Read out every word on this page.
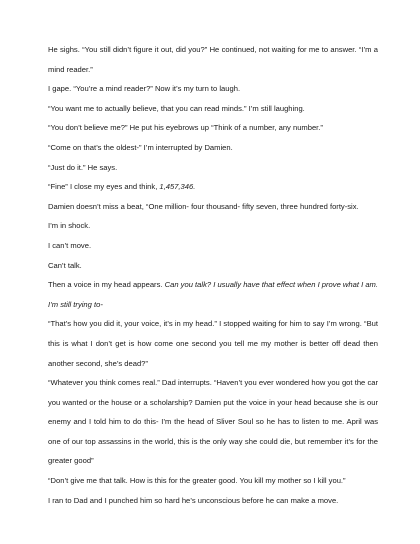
He sighs. “You still didn’t figure it out, did you?” He continued, not waiting for me to answer. “I’m a mind reader.”

I gape. “You’re a mind reader?” Now it’s my turn to laugh.

“You want me to actually believe, that you can read minds.” I’m still laughing.

“You don’t believe me?” He put his eyebrows up “Think of a number, any number.”

“Come on that’s the oldest-” I’m interrupted by Damien.

“Just do it.” He says.

“Fine” I close my eyes and think, 1,457,346.

Damien doesn’t miss a beat, “One million- four thousand- fifty seven, three hundred forty-six.

I’m in shock.

I can’t move.

Can’t talk.

Then a voice in my head appears. Can you talk? I usually have that effect when I prove what I am. I’m still trying to-

“That’s how you did it, your voice, it’s in my head.” I stopped waiting for him to say I’m wrong. “But this is what I don’t get is how come one second you tell me my mother is better off dead then another second, she’s dead?”

“Whatever you think comes real.” Dad interrupts. “Haven’t you ever wondered how you got the car you wanted or the house or a scholarship? Damien put the voice in your head because she is our enemy and I told him to do this- I’m the head of Sliver Soul so he has to listen to me. April was one of our top assassins in the world, this is the only way she could die, but remember it’s for the greater good”

“Don’t give me that talk. How is this for the greater good. You kill my mother so I kill you.”

I ran to Dad and I punched him so hard he’s unconscious before he can make a move.
